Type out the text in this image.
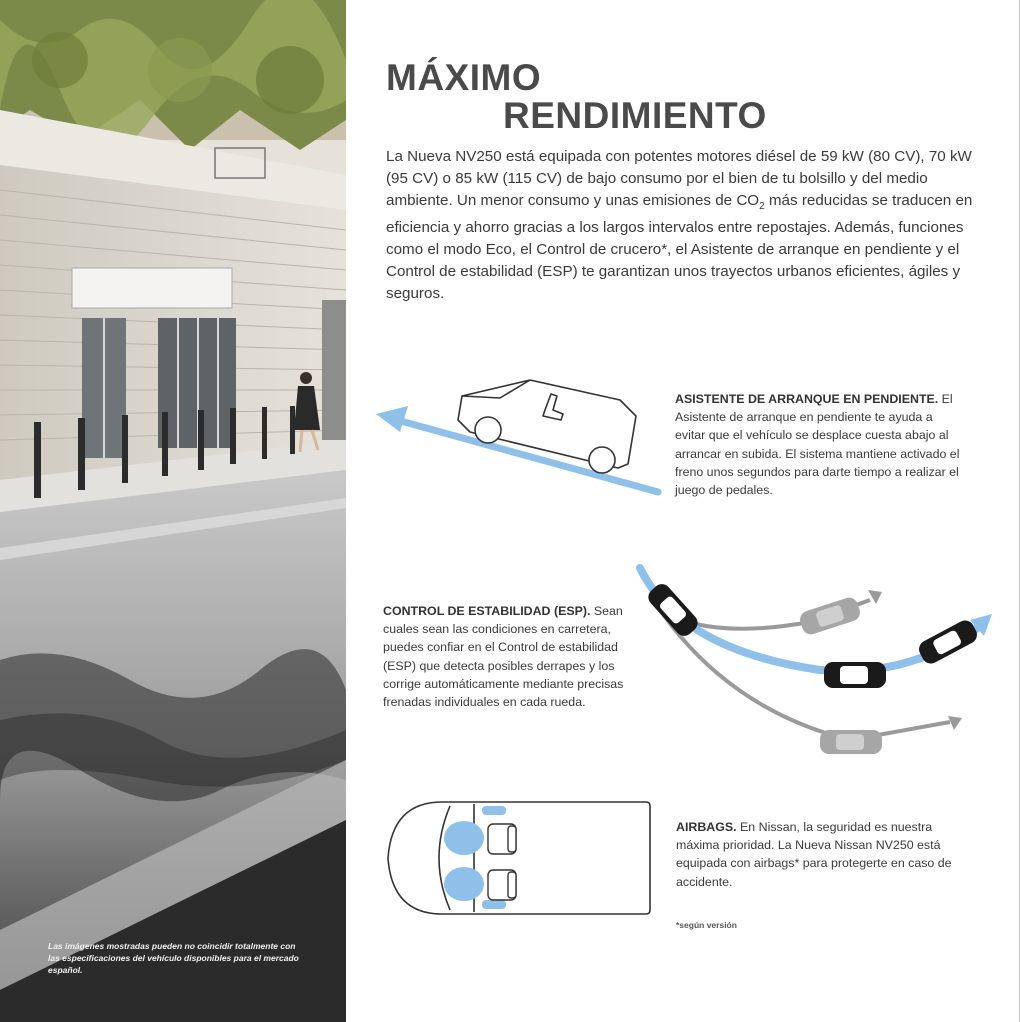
Las imágenes mostradas pueden no coincidir totalmente con las especificaciones del vehículo disponibles para el mercado español.
MÁXIMO
RENDIMIENTO

La Nueva NV250 está equipada con potentes motores diésel de 59 kW (80 CV), 70 kW (95 CV) o 85 kW (115 CV) de bajo consumo por el bien de tu bolsillo y del medio ambiente. Un menor consumo y unas emisiones de $CO_2$ más reducidas se traducen en eficiencia y ahorro gracias a los largos intervalos entre repostajes. Además, funciones como el modo Eco, el Control de crucero*, el Asistente de arranque en pendiente y el Control de estabilidad (ESP) te garantizan unos trayectos urbanos eficientes, ágiles y seguros.

ASISTENTE DE ARRANQUE EN PENDIENTE. El Asistente de arranque en pendiente te ayuda a evitar que el vehículo se desplace cuesta abajo al arrancar en subida. El sistema mantiene activado el freno unos segundos para darte tiempo a realizar el juego de pedales.
CONTROL DE ESTABILIDAD (ESP). Sean cuales sean las condiciones en carretera, puedes confiar en el Control de estabilidad (ESP) que detecta posibles derrapes y los corrige automáticamente mediante precisas frenadas individuales en cada rueda.
AIRBAGS. En Nissan, la seguridad es nuestra máxima prioridad. La Nueva Nissan NV250 está equipada con airbags* para protegerte en caso de accidente.
*según versión
